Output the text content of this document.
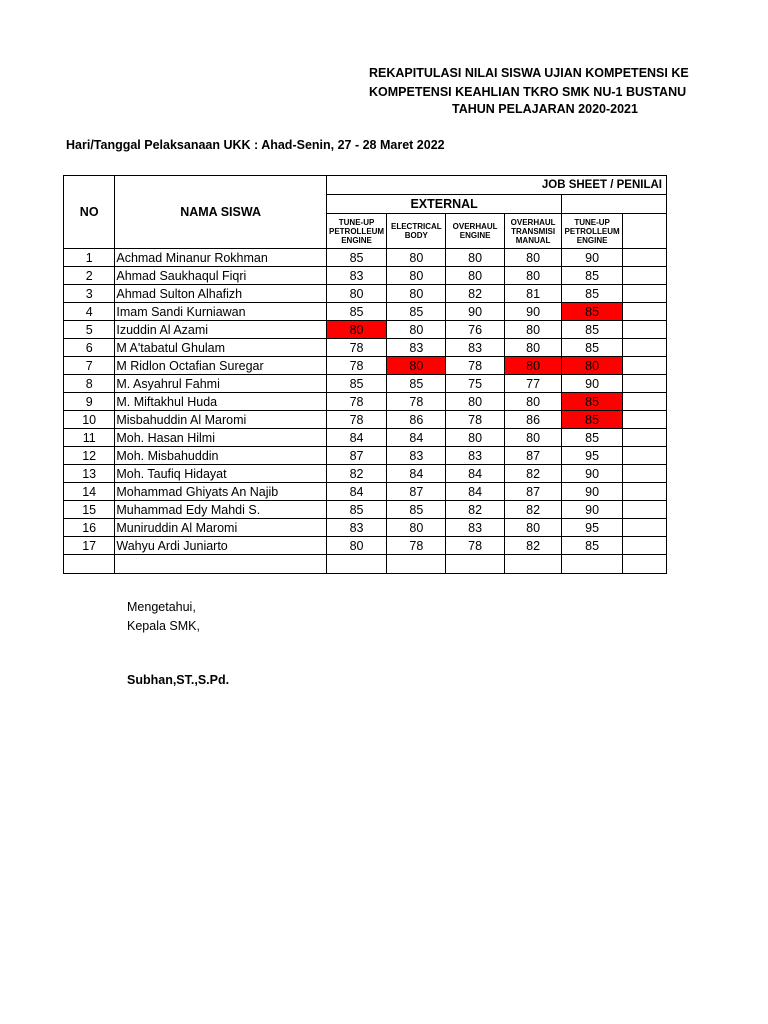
REKAPITULASI NILAI SISWA UJIAN KOMPETENSI KE
KOMPETENSI KEAHLIAN TKRO SMK NU-1 BUSTANU
TAHUN PELAJARAN 2020-2021
Hari/Tanggal Pelaksanaan UKK : Ahad-Senin, 27 - 28 Maret 2022
NO	NAMA SISWA	JOB SHEET / PENILAI					
		EXTERNAL					
		TUNE-UP PETROLLEUM ENGINE	ELECTRICAL BODY	OVERHAUL ENGINE	OVERHAUL TRANSMISI MANUAL	TUNE-UP PETROLLEUM ENGINE	
1	Achmad Minanur Rokhman	85	80	80	80	90	
2	Ahmad Saukhaqul Fiqri	83	80	80	80	85	
3	Ahmad Sulton Alhafizh	80	80	82	81	85	
4	Imam Sandi Kurniawan	85	85	90	90	85	
5	Izuddin Al Azami	80	80	76	80	85	
6	M A'tabatul Ghulam	78	83	83	80	85	
7	M Ridlon Octafian Suregar	78	80	78	80	80	
8	M. Asyahrul Fahmi	85	85	75	77	90	
9	M. Miftakhul Huda	78	78	80	80	85	
10	Misbahuddin Al Maromi	78	86	78	86	85	
11	Moh. Hasan Hilmi	84	84	80	80	85	
12	Moh. Misbahuddin	87	83	83	87	95	
13	Moh. Taufiq Hidayat	82	84	84	82	90	
14	Mohammad Ghiyats An Najib	84	87	84	87	90	
15	Muhammad Edy Mahdi S.	85	85	82	82	90	
16	Muniruddin Al Maromi	83	80	83	80	95	
17	Wahyu Ardi Juniarto	80	78	78	82	85	

Mengetahui,
Kepala SMK,
Subhan,ST.,S.Pd.
